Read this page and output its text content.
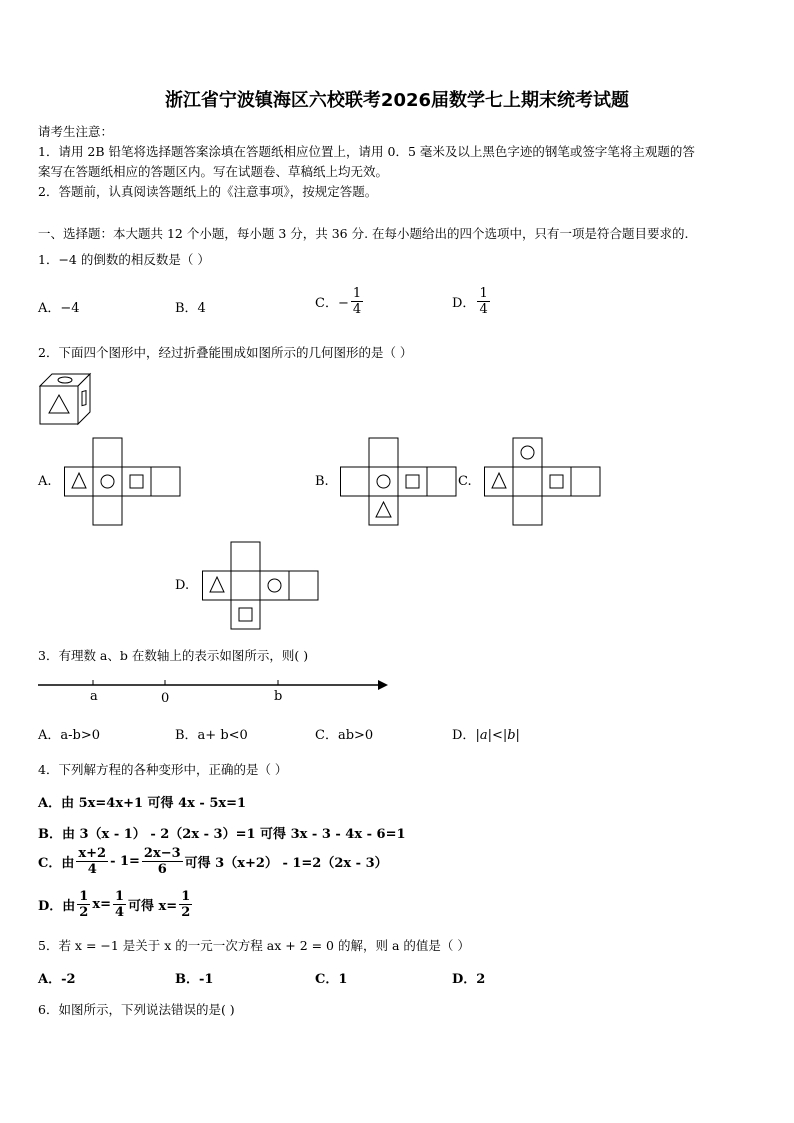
浙江省宁波镇海区六校联考2026届数学七上期末统考试题
请考生注意：
1．请用 2B 铅笔将选择题答案涂填在答题纸相应位置上，请用 0．5 毫米及以上黑色字迹的钢笔或签字笔将主观题的答
案写在答题纸相应的答题区内。写在试题卷、草稿纸上均无效。
2．答题前，认真阅读答题纸上的《注意事项》，按规定答题。
一、选择题：本大题共 12 个小题，每小题 3 分，共 36 分. 在每小题给出的四个选项中，只有一项是符合题目要求的.
1．−4 的倒数的相反数是（ ）
A．−4	B．4	C．− $\frac{1}{4}$	D． $\frac{1}{4}$
2．下面四个图形中，经过折叠能围成如图所示的几何图形的是（ ）
A.	B.	C.
D.
3．有理数 a、b 在数轴上的表示如图所示，则( )
a	0	b
A．a-b>0	B．a+ b<0	C．ab>0	D．|a|<|b|
4．下列解方程的各种变形中，正确的是（ ）
A．由 5x=4x+1 可得 4x - 5x=1
B．由 3（x - 1） - 2（2x - 3）=1 可得 3x - 3 - 4x - 6=1
C．由 $\frac{x+2}{4} - 1= \frac{2x-3}{6}$ 可得 3（x+2） - 1=2（2x - 3）
D．由 $\frac{1}{2} x= \frac{1}{4}$ 可得 $x= \frac{1}{2}$
5．若 x = −1 是关于 x 的一元一次方程 ax + 2 = 0 的解，则 a 的值是（ ）
A．-2	B．-1	C．1	D．2
6．如图所示，下列说法错误的是( )
